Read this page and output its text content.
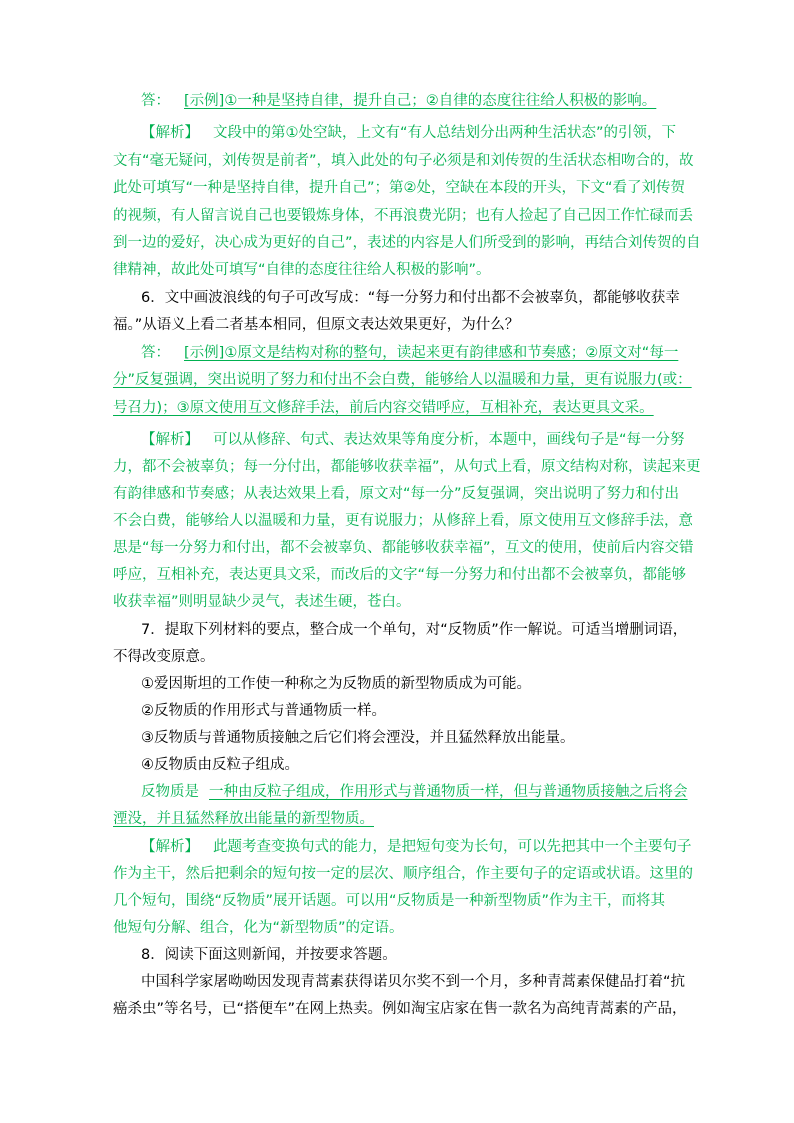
答： [示例]①一种是坚持自律，提升自己；②自律的态度往往给人积极的影响。
【解析】 文段中的第①处空缺，上文有“有人总结划分出两种生活状态”的引领，下
文有“毫无疑问，刘传贺是前者”，填入此处的句子必须是和刘传贺的生活状态相吻合的，故
此处可填写“一种是坚持自律，提升自己”；第②处，空缺在本段的开头，下文“看了刘传贺
的视频，有人留言说自己也要锻炼身体，不再浪费光阴；也有人捡起了自己因工作忙碌而丢
到一边的爱好，决心成为更好的自己”，表述的内容是人们所受到的影响，再结合刘传贺的自
律精神，故此处可填写“自律的态度往往给人积极的影响”。
6．文中画波浪线的句子可改写成：“每一分努力和付出都不会被辜负，都能够收获幸
福。”从语义上看二者基本相同，但原文表达效果更好，为什么？
答： [示例]①原文是结构对称的整句，读起来更有韵律感和节奏感；②原文对“每一
分”反复强调，突出说明了努力和付出不会白费，能够给人以温暖和力量，更有说服力(或：
号召力)；③原文使用互文修辞手法，前后内容交错呼应，互相补充，表达更具文采。
【解析】 可以从修辞、句式、表达效果等角度分析，本题中，画线句子是“每一分努
力，都不会被辜负；每一分付出，都能够收获幸福”，从句式上看，原文结构对称，读起来更
有韵律感和节奏感；从表达效果上看，原文对“每一分”反复强调，突出说明了努力和付出
不会白费，能够给人以温暖和力量，更有说服力；从修辞上看，原文使用互文修辞手法，意
思是“每一分努力和付出，都不会被辜负、都能够收获幸福”，互文的使用，使前后内容交错
呼应，互相补充，表达更具文采，而改后的文字“每一分努力和付出都不会被辜负，都能够
收获幸福”则明显缺少灵气，表述生硬，苍白。
7．提取下列材料的要点，整合成一个单句，对“反物质”作一解说。可适当增删词语，
不得改变原意。
①爱因斯坦的工作使一种称之为反物质的新型物质成为可能。
②反物质的作用形式与普通物质一样。
③反物质与普通物质接触之后它们将会湮没，并且猛然释放出能量。
④反物质由反粒子组成。
反物质是 一种由反粒子组成，作用形式与普通物质一样，但与普通物质接触之后将会
湮没，并且猛然释放出能量的新型物质。
【解析】 此题考查变换句式的能力，是把短句变为长句，可以先把其中一个主要句子
作为主干，然后把剩余的短句按一定的层次、顺序组合，作主要句子的定语或状语。这里的
几个短句，围绕“反物质”展开话题。可以用“反物质是一种新型物质”作为主干，而将其
他短句分解、组合，化为“新型物质”的定语。
8．阅读下面这则新闻，并按要求答题。
中国科学家屠呦呦因发现青蒿素获得诺贝尔奖不到一个月，多种青蒿素保健品打着“抗
癌杀虫”等名号，已“搭便车”在网上热卖。例如淘宝店家在售一款名为高纯青蒿素的产品，
